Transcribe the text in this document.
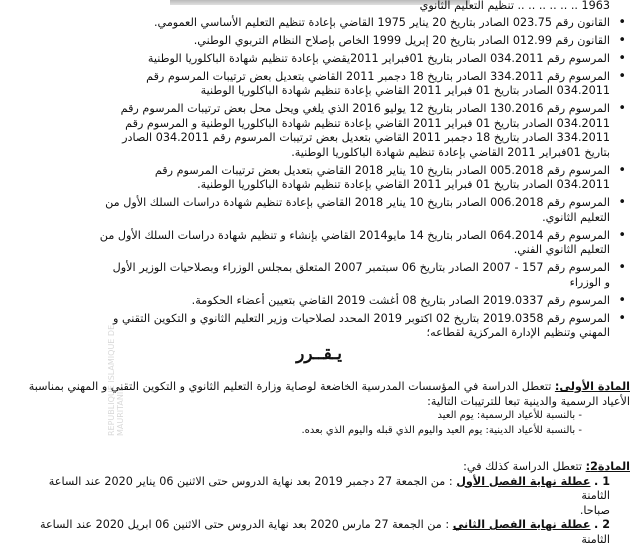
1963 .. .. .. .. .. .. تنظيم التعليم الثانوي
•
القانون رقم 023.75 الصادر بتاريخ 20 يناير 1975 القاضي بإعادة تنظيم التعليم الأساسي العمومي.
•
القانون رقم 012.99 الصادر بتاريخ 20 إبريل 1999 الخاص بإصلاح النظام التربوي الوطني.
•
المرسوم رقم 034.2011 الصادر بتاريخ 01فبراير 2011يقضي بإعادة تنظيم شهادة الباكلوريا الوطنية
•
المرسوم رقم 334.2011 الصادر بتاريخ 18 دجمبر 2011 القاضي بتعديل بعض ترتيبات المرسوم رقم
034.2011 الصادر بتاريخ 01 فبراير 2011 القاضي بإعادة تنظيم شهادة الباكلوريا الوطنية
•
المرسوم رقم 130.2016 الصادر بتاريخ 12 يوليو 2016 الذي يلغي ويحل محل بعض ترتيبات المرسوم رقم
034.2011 الصادر بتاريخ 01 فبراير 2011 القاضي بإعادة تنظيم شهادة الباكلوريا الوطنية و المرسوم رقم
334.2011 الصادر بتاريخ 18 دجمبر 2011 القاضي بتعديل بعض ترتيبات المرسوم رقم 034.2011 الصادر
بتاريخ 01فبراير 2011 القاضي بإعادة تنظيم شهادة الباكلوريا الوطنية.
•
المرسوم رقم 005.2018 الصادر بتاريخ 10 يناير 2018 القاضي بتعديل بعض ترتيبات المرسوم رقم
034.2011 الصادر بتاريخ 01 فبراير 2011 القاضي بإعادة تنظيم شهادة الباكلوريا الوطنية.
•
المرسوم رقم 006.2018 الصادر بتاريخ 10 يناير 2018 القاضي بإعادة تنظيم شهادة دراسات السلك الأول من
التعليم الثانوي.
•
المرسوم رقم 064.2014 الصادر بتاريخ 14 مايو2014 القاضي بإنشاء و تنظيم شهادة دراسات السلك الأول من
التعليم الثانوي الفني.
•
المرسوم رقم 157 - 2007 الصادر بتاريخ 06 سبتمبر 2007 المتعلق بمجلس الوزراء وبصلاحيات الوزير الأول
و الوزراء
•
المرسوم رقم 2019.0337 الصادر بتاريخ 08 أغشت 2019 القاضي بتعيين أعضاء الحكومة.
•
المرسوم رقم 2019.0358 بتاريخ 02 اكتوبر 2019 المحدد لصلاحيات وزير التعليم الثانوي و التكوين التقني و
المهني وتنظيم الإدارة المركزية لقطاعه؛
REPUBLIQUE ISLAMIQUE DE MAURITANIE
يـقــرر
المادة الأولى: تتعطل الدراسة في المؤسسات المدرسية الخاضعة لوصاية وزارة التعليم الثانوي و التكوين التقني و المهني بمناسبة
الأعياد الرسمية والدينية تبعا للترتيبات التالية:
- بالنسبة للأعياد الرسمية: يوم العيد
- بالنسبة للأعياد الدينية: يوم العيد واليوم الذي قبله واليوم الذي بعده.
المادة2: تتعطل الدراسة كذلك في:
1 . عطلة نهاية الفصل الأول : من الجمعة 27 دجمبر 2019 بعد نهاية الدروس حتى الاثنين 06 يناير 2020 عند الساعة الثامنة
صباحا.
2 . عطلة نهاية الفصل الثاني : من الجمعة 27 مارس 2020 بعد نهاية الدروس حتى الاثنين 06 ابريل 2020 عند الساعة الثامنة
